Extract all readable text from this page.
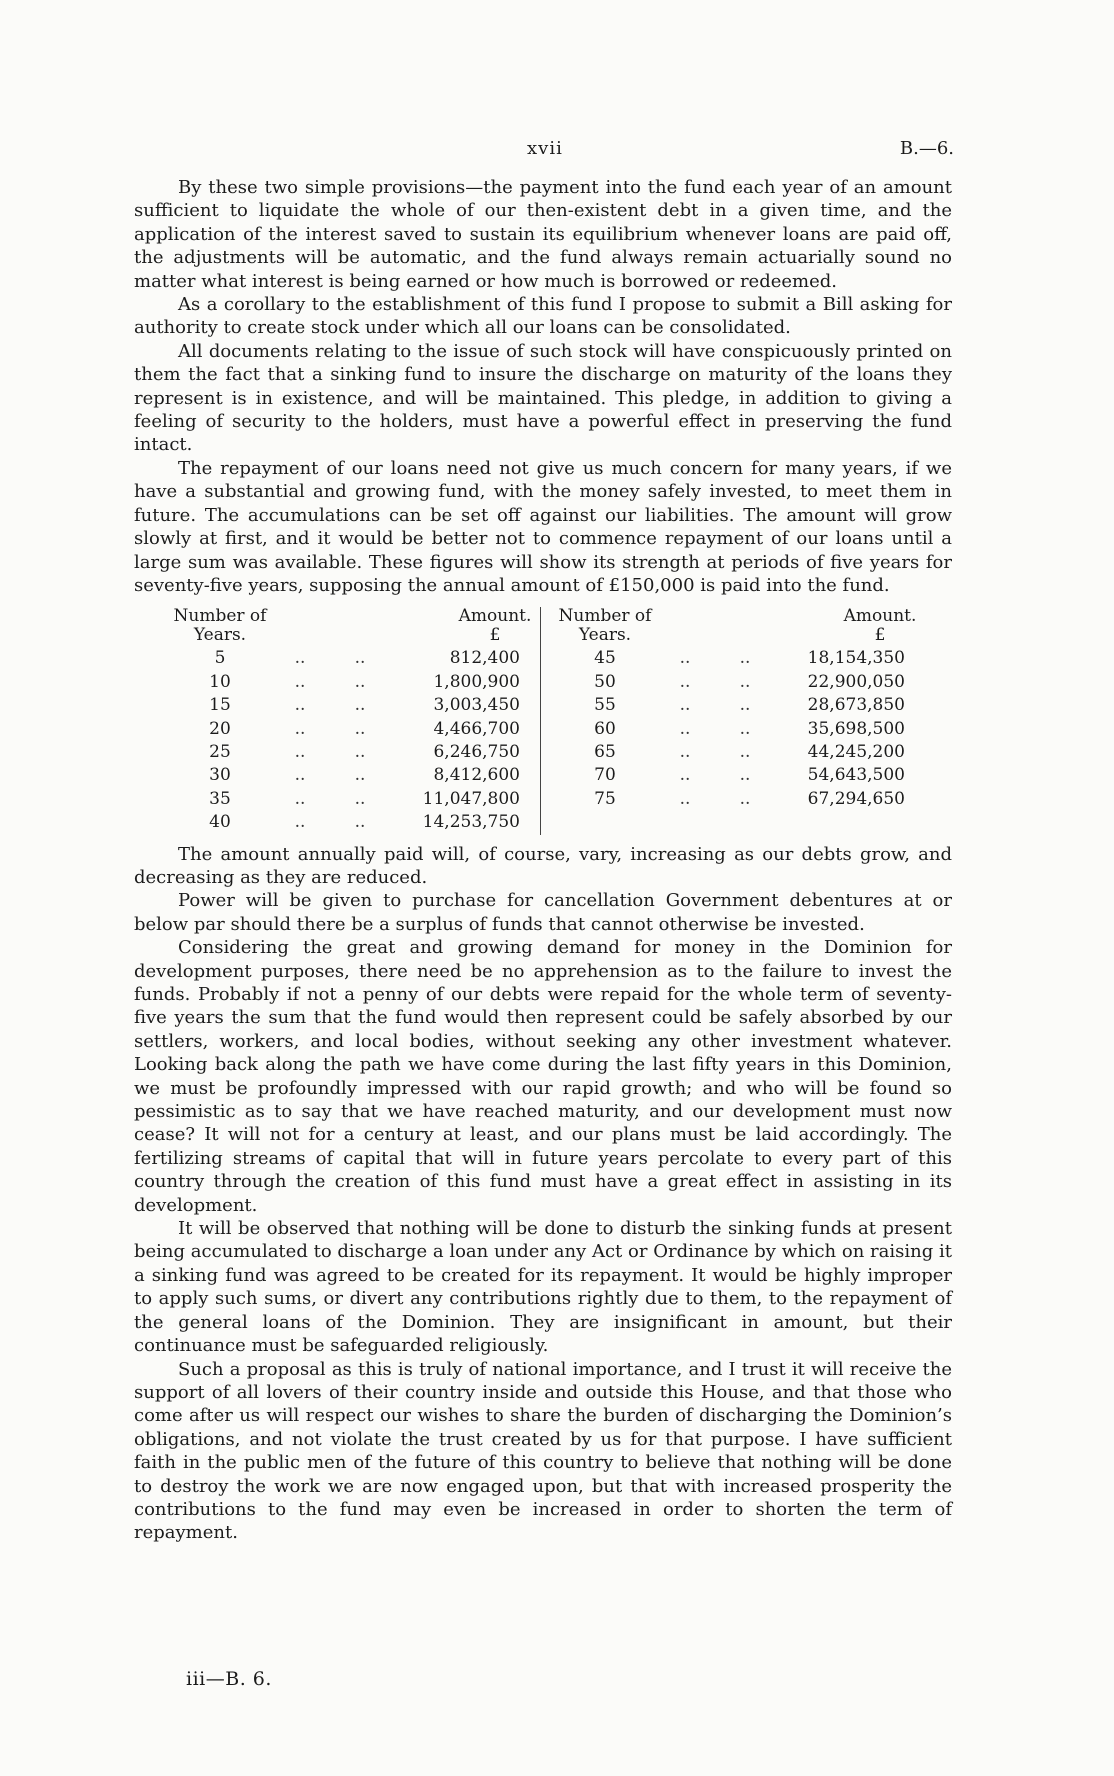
xvii	B.—6.

By these two simple provisions—the payment into the fund each year of an amount sufficient to liquidate the whole of our then-existent debt in a given time, and the application of the interest saved to sustain its equilibrium whenever loans are paid off, the adjustments will be automatic, and the fund always remain actuarially sound no matter what interest is being earned or how much is borrowed or redeemed.

As a corollary to the establishment of this fund I propose to submit a Bill asking for authority to create stock under which all our loans can be consolidated.

All documents relating to the issue of such stock will have conspicuously printed on them the fact that a sinking fund to insure the discharge on maturity of the loans they represent is in existence, and will be maintained. This pledge, in addition to giving a feeling of security to the holders, must have a powerful effect in preserving the fund intact.

The repayment of our loans need not give us much concern for many years, if we have a substantial and growing fund, with the money safely invested, to meet them in future. The accumulations can be set off against our liabilities. The amount will grow slowly at first, and it would be better not to commence repayment of our loans until a large sum was available. These figures will show its strength at periods of five years for seventy-five years, supposing the annual amount of £150,000 is paid into the fund.

Number of
Years.
Amount.
£
5	..	..	812,400
10	..	..	1,800,900
15	..	..	3,003,450
20	..	..	4,466,700
25	..	..	6,246,750
30	..	..	8,412,600
35	..	..	11,047,800
40	..	..	14,253,750
Number of
Years.
Amount.
£
45	..	..	18,154,350
50	..	..	22,900,050
55	..	..	28,673,850
60	..	..	35,698,500
65	..	..	44,245,200
70	..	..	54,643,500
75	..	..	67,294,650

The amount annually paid will, of course, vary, increasing as our debts grow, and decreasing as they are reduced.

Power will be given to purchase for cancellation Government debentures at or below par should there be a surplus of funds that cannot otherwise be invested.

Considering the great and growing demand for money in the Dominion for development purposes, there need be no apprehension as to the failure to invest the funds. Probably if not a penny of our debts were repaid for the whole term of seventy-five years the sum that the fund would then represent could be safely absorbed by our settlers, workers, and local bodies, without seeking any other investment whatever. Looking back along the path we have come during the last fifty years in this Dominion, we must be profoundly impressed with our rapid growth; and who will be found so pessimistic as to say that we have reached maturity, and our development must now cease? It will not for a century at least, and our plans must be laid accordingly. The fertilizing streams of capital that will in future years percolate to every part of this country through the creation of this fund must have a great effect in assisting in its development.

It will be observed that nothing will be done to disturb the sinking funds at present being accumulated to discharge a loan under any Act or Ordinance by which on raising it a sinking fund was agreed to be created for its repayment. It would be highly improper to apply such sums, or divert any contributions rightly due to them, to the repayment of the general loans of the Dominion. They are insignificant in amount, but their continuance must be safeguarded religiously.

Such a proposal as this is truly of national importance, and I trust it will receive the support of all lovers of their country inside and outside this House, and that those who come after us will respect our wishes to share the burden of discharging the Dominion’s obligations, and not violate the trust created by us for that purpose. I have sufficient faith in the public men of the future of this country to believe that nothing will be done to destroy the work we are now engaged upon, but that with increased prosperity the contributions to the fund may even be increased in order to shorten the term of repayment.

iii—B. 6.
